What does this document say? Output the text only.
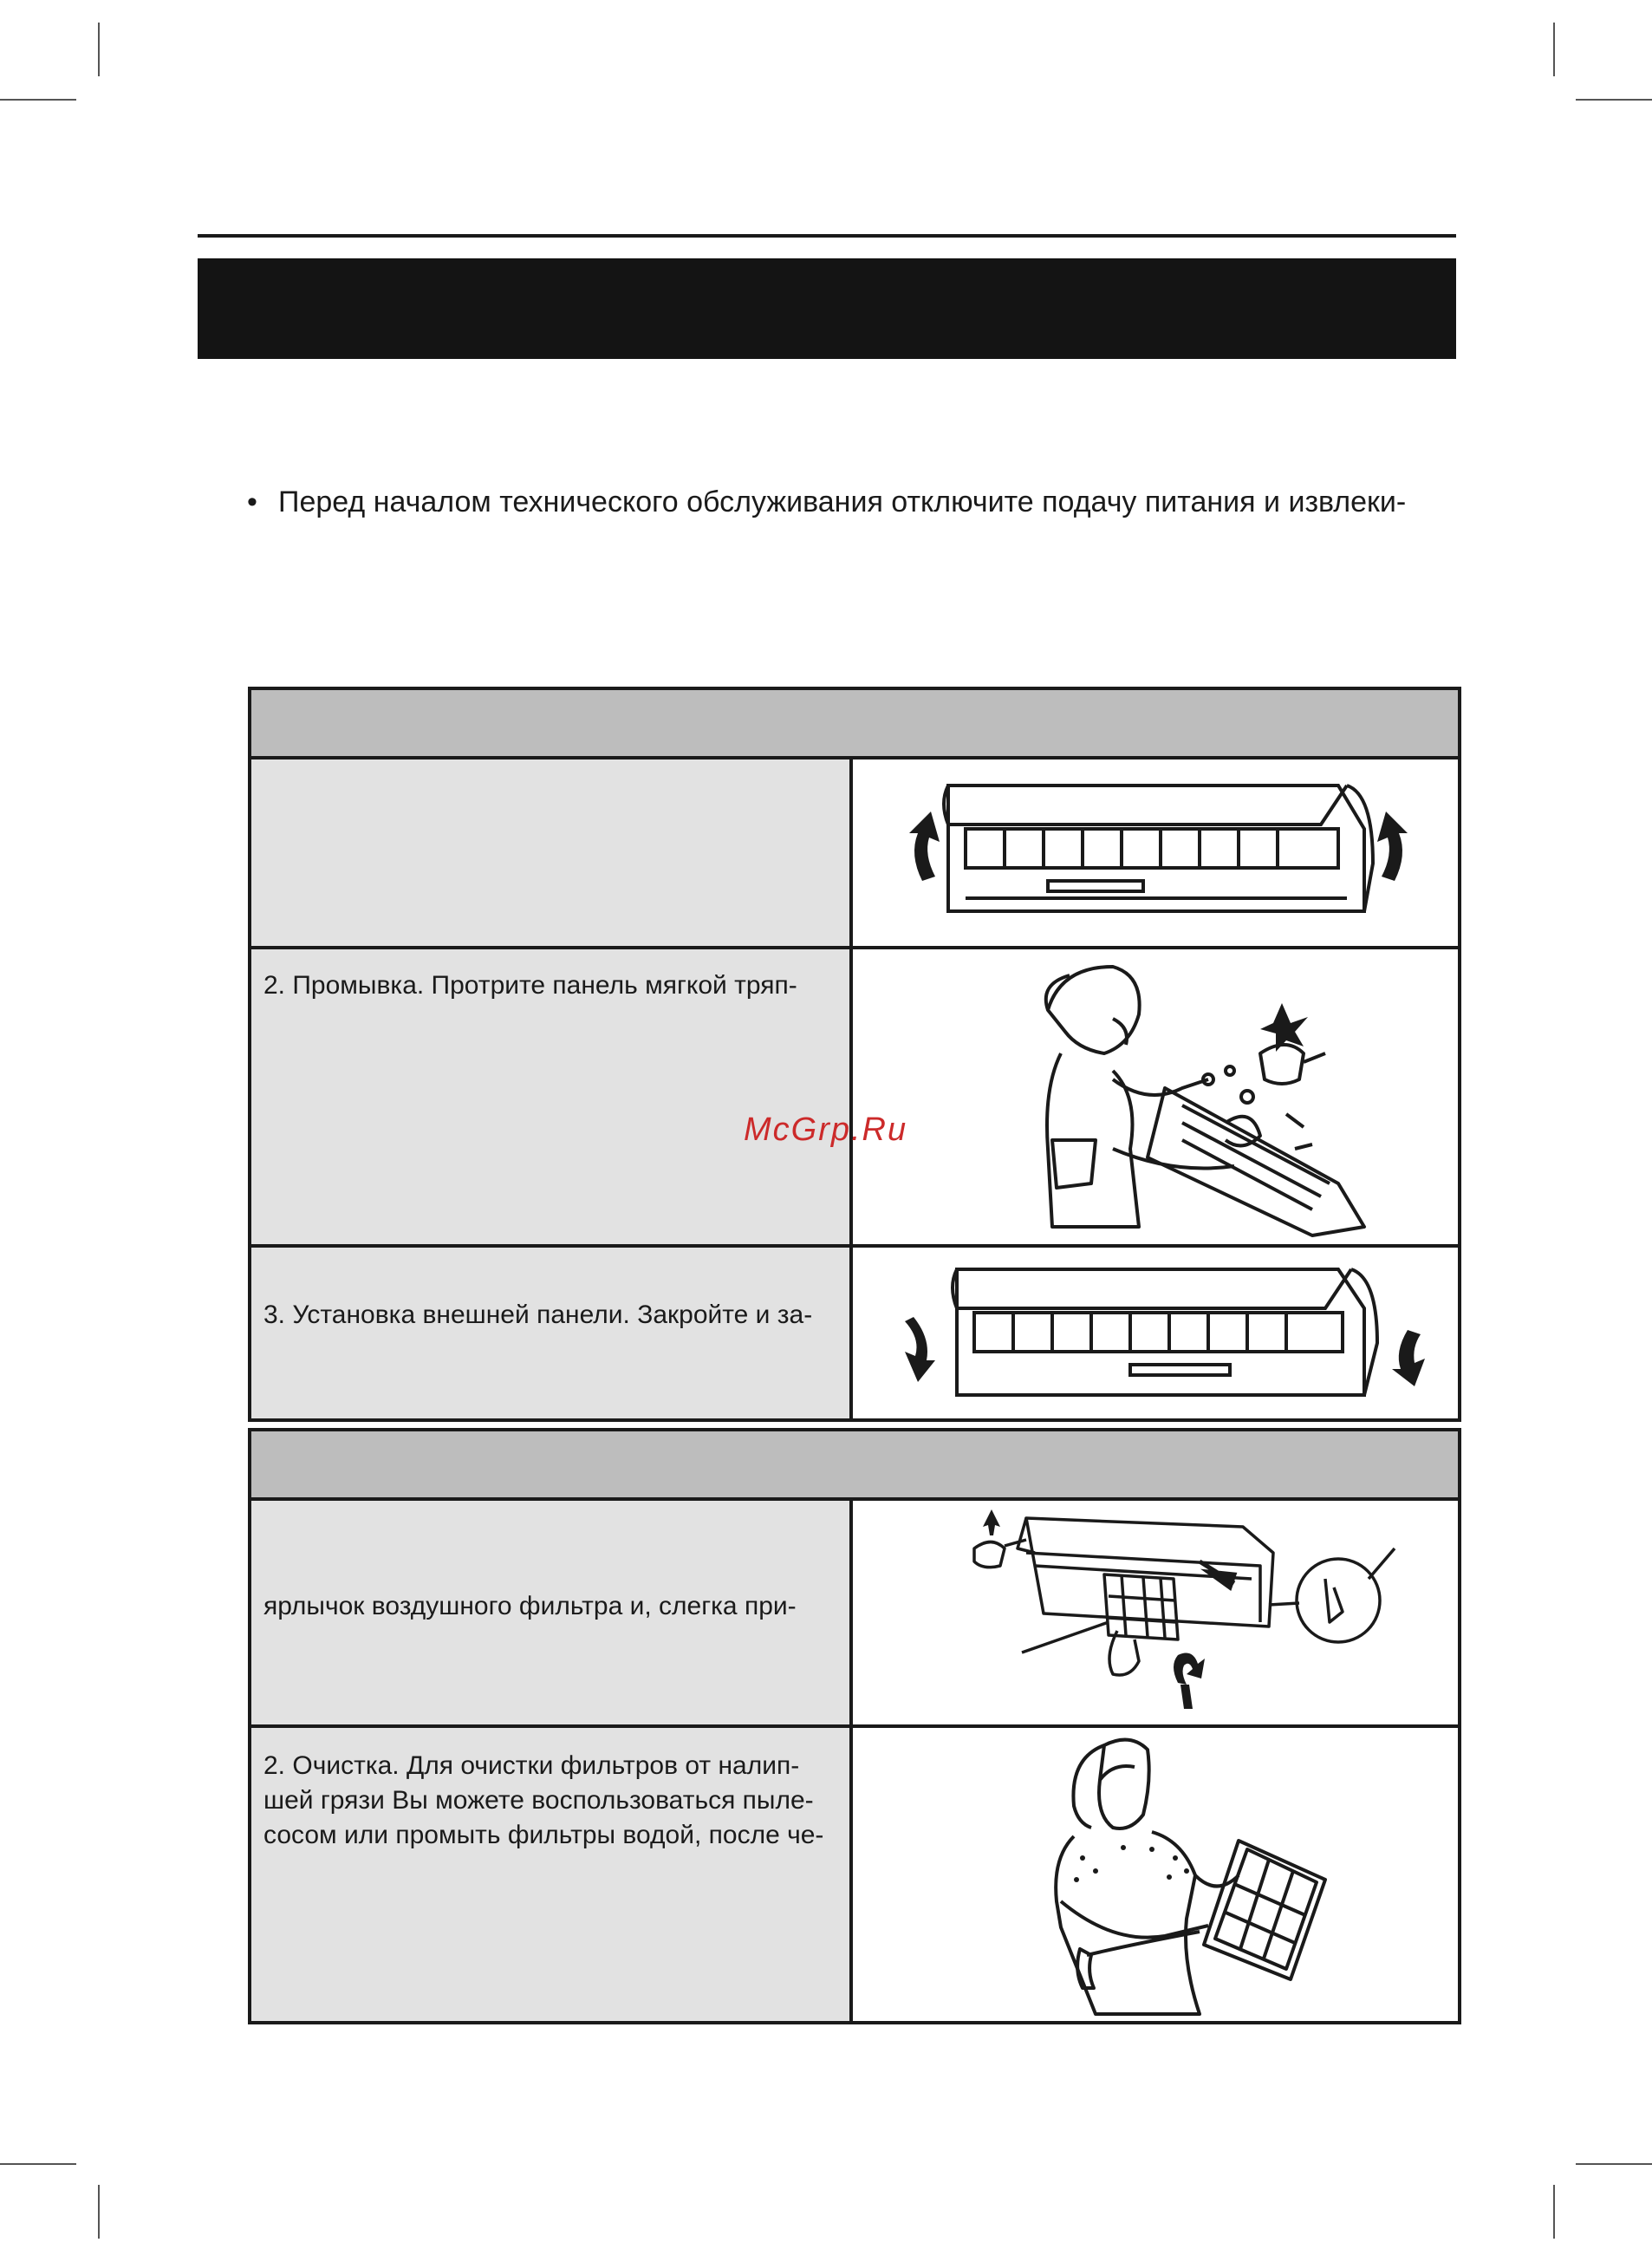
• Перед началом технического обслуживания отключите подачу питания и извлеки-
2. Промывка. Протрите панель мягкой тряп-
3. Установка внешней панели. Закройте и за-
ярлычок воздушного фильтра и, слегка при-
2. Очистка. Для очистки фильтров от налип-
шей грязи Вы можете воспользоваться пыле-
сосом или промыть фильтры водой, после че-
McGrp.Ru
